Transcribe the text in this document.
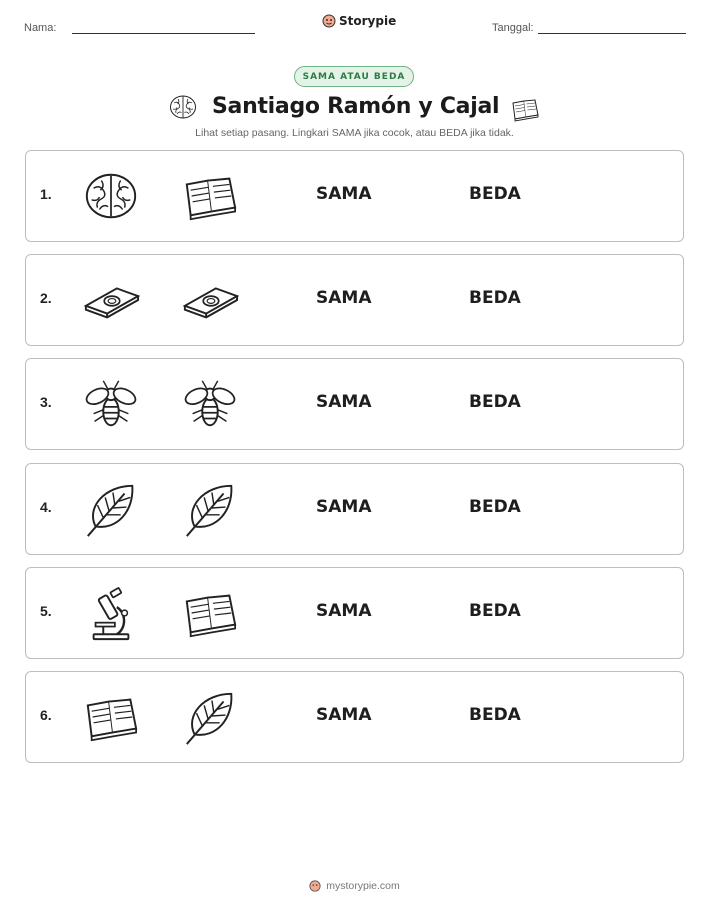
Nama:	Storypie	Tanggal:
SAMA ATAU BEDA
Santiago Ramón y Cajal
Lihat setiap pasang. Lingkari SAMA jika cocok, atau BEDA jika tidak.
1.	SAMA	BEDA
2.	SAMA	BEDA
3.	SAMA	BEDA
4.	SAMA	BEDA
5.	SAMA	BEDA
6.	SAMA	BEDA
mystorypie.com
